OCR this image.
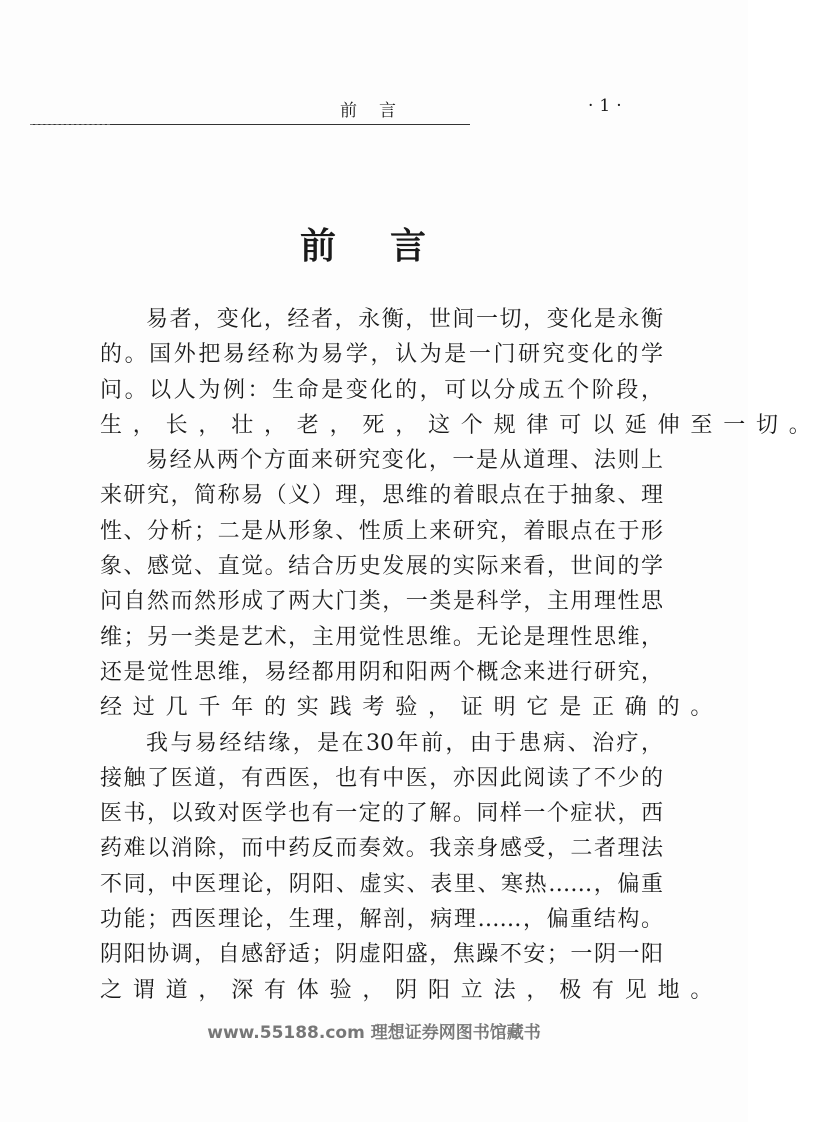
前言	·1·
前言
易者，变化，经者，永衡，世间一切，变化是永衡
的。国外把易经称为易学，认为是一门研究变化的学
问。以人为例：生命是变化的，可以分成五个阶段，
生，长，壮，老，死，这个规律可以延伸至一切。
易经从两个方面来研究变化，一是从道理、法则上
来研究，简称易（义）理，思维的着眼点在于抽象、理
性、分析；二是从形象、性质上来研究，着眼点在于形
象、感觉、直觉。结合历史发展的实际来看，世间的学
问自然而然形成了两大门类，一类是科学，主用理性思
维；另一类是艺术，主用觉性思维。无论是理性思维，
还是觉性思维，易经都用阴和阳两个概念来进行研究，
经过几千年的实践考验，证明它是正确的。
我与易经结缘，是在30年前，由于患病、治疗，
接触了医道，有西医，也有中医，亦因此阅读了不少的
医书，以致对医学也有一定的了解。同样一个症状，西
药难以消除，而中药反而奏效。我亲身感受，二者理法
不同，中医理论，阴阳、虚实、表里、寒热……，偏重
功能；西医理论，生理，解剖，病理……，偏重结构。
阴阳协调，自感舒适；阴虚阳盛，焦躁不安；一阴一阳
之谓道，深有体验，阴阳立法，极有见地。
www.55188.com 理想证券网图书馆藏书
